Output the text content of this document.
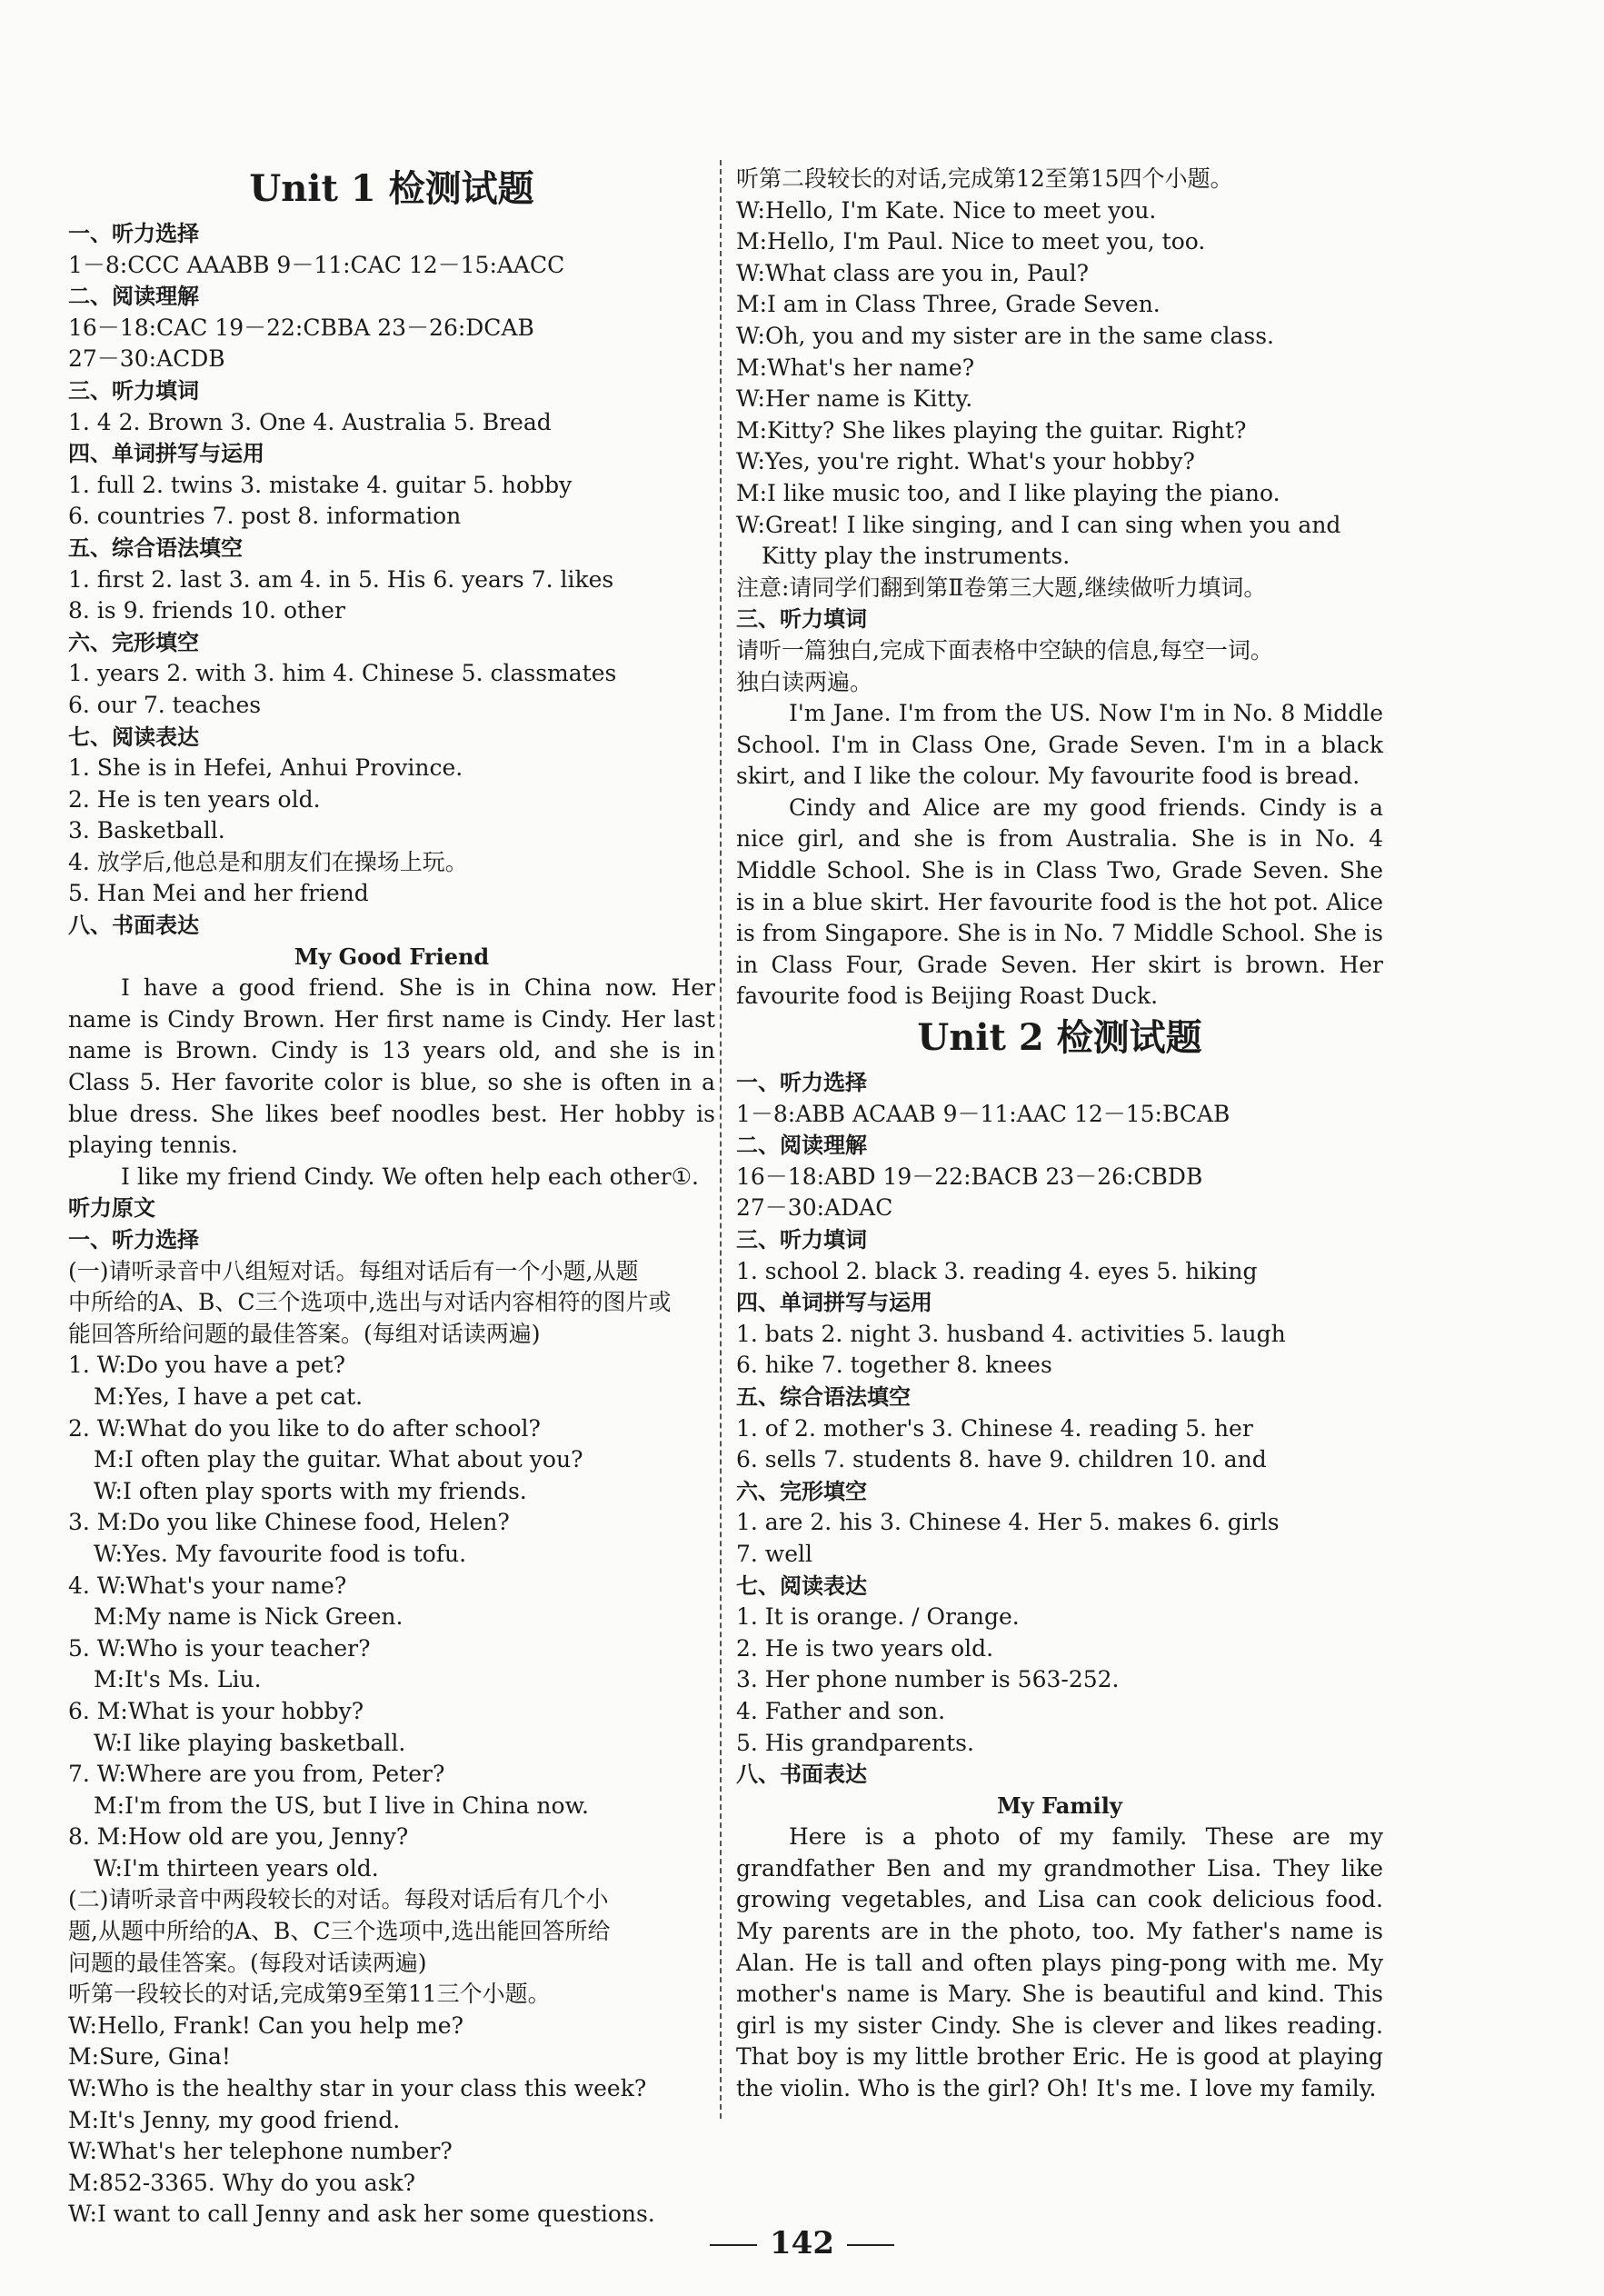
Unit 1 检测试题
一、听力选择
1－8:CCC AAABB 9－11:CAC 12－15:AACC
二、阅读理解
16－18:CAC 19－22:CBBA 23－26:DCAB
27－30:ACDB
三、听力填词
1. 4 2. Brown 3. One 4. Australia 5. Bread
四、单词拼写与运用
1. full 2. twins 3. mistake 4. guitar 5. hobby
6. countries 7. post 8. information
五、综合语法填空
1. first 2. last 3. am 4. in 5. His 6. years 7. likes
8. is 9. friends 10. other
六、完形填空
1. years 2. with 3. him 4. Chinese 5. classmates
6. our 7. teaches
七、阅读表达
1. She is in Hefei, Anhui Province.
2. He is ten years old.
3. Basketball.
4. 放学后,他总是和朋友们在操场上玩。
5. Han Mei and her friend
八、书面表达
My Good Friend
I have a good friend. She is in China now. Her name is Cindy Brown. Her first name is Cindy. Her last name is Brown. Cindy is 13 years old, and she is in Class 5. Her favorite color is blue, so she is often in a blue dress. She likes beef noodles best. Her hobby is playing tennis.
I like my friend Cindy. We often help each other①.
听力原文
一、听力选择
(一)请听录音中八组短对话。每组对话后有一个小题,从题
中所给的A、B、C三个选项中,选出与对话内容相符的图片或
能回答所给问题的最佳答案。(每组对话读两遍)
1. W:Do you have a pet?
M:Yes, I have a pet cat.
2. W:What do you like to do after school?
M:I often play the guitar. What about you?
W:I often play sports with my friends.
3. M:Do you like Chinese food, Helen?
W:Yes. My favourite food is tofu.
4. W:What's your name?
M:My name is Nick Green.
5. W:Who is your teacher?
M:It's Ms. Liu.
6. M:What is your hobby?
W:I like playing basketball.
7. W:Where are you from, Peter?
M:I'm from the US, but I live in China now.
8. M:How old are you, Jenny?
W:I'm thirteen years old.
(二)请听录音中两段较长的对话。每段对话后有几个小
题,从题中所给的A、B、C三个选项中,选出能回答所给
问题的最佳答案。(每段对话读两遍)
听第一段较长的对话,完成第9至第11三个小题。
W:Hello, Frank! Can you help me?
M:Sure, Gina!
W:Who is the healthy star in your class this week?
M:It's Jenny, my good friend.
W:What's her telephone number?
M:852-3365. Why do you ask?
W:I want to call Jenny and ask her some questions.
听第二段较长的对话,完成第12至第15四个小题。
W:Hello, I'm Kate. Nice to meet you.
M:Hello, I'm Paul. Nice to meet you, too.
W:What class are you in, Paul?
M:I am in Class Three, Grade Seven.
W:Oh, you and my sister are in the same class.
M:What's her name?
W:Her name is Kitty.
M:Kitty? She likes playing the guitar. Right?
W:Yes, you're right. What's your hobby?
M:I like music too, and I like playing the piano.
W:Great! I like singing, and I can sing when you and
Kitty play the instruments.
注意:请同学们翻到第Ⅱ卷第三大题,继续做听力填词。
三、听力填词
请听一篇独白,完成下面表格中空缺的信息,每空一词。
独白读两遍。
I'm Jane. I'm from the US. Now I'm in No. 8 Middle School. I'm in Class One, Grade Seven. I'm in a black skirt, and I like the colour. My favourite food is bread.
Cindy and Alice are my good friends. Cindy is a nice girl, and she is from Australia. She is in No. 4 Middle School. She is in Class Two, Grade Seven. She is in a blue skirt. Her favourite food is the hot pot. Alice is from Singapore. She is in No. 7 Middle School. She is in Class Four, Grade Seven. Her skirt is brown. Her favourite food is Beijing Roast Duck.
Unit 2 检测试题
一、听力选择
1－8:ABB ACAAB 9－11:AAC 12－15:BCAB
二、阅读理解
16－18:ABD 19－22:BACB 23－26:CBDB
27－30:ADAC
三、听力填词
1. school 2. black 3. reading 4. eyes 5. hiking
四、单词拼写与运用
1. bats 2. night 3. husband 4. activities 5. laugh
6. hike 7. together 8. knees
五、综合语法填空
1. of 2. mother's 3. Chinese 4. reading 5. her
6. sells 7. students 8. have 9. children 10. and
六、完形填空
1. are 2. his 3. Chinese 4. Her 5. makes 6. girls
7. well
七、阅读表达
1. It is orange. / Orange.
2. He is two years old.
3. Her phone number is 563-252.
4. Father and son.
5. His grandparents.
八、书面表达
My Family
Here is a photo of my family. These are my grandfather Ben and my grandmother Lisa. They like growing vegetables, and Lisa can cook delicious food. My parents are in the photo, too. My father's name is Alan. He is tall and often plays ping-pong with me. My mother's name is Mary. She is beautiful and kind. This girl is my sister Cindy. She is clever and likes reading. That boy is my little brother Eric. He is good at playing the violin. Who is the girl? Oh! It's me. I love my family.
142
